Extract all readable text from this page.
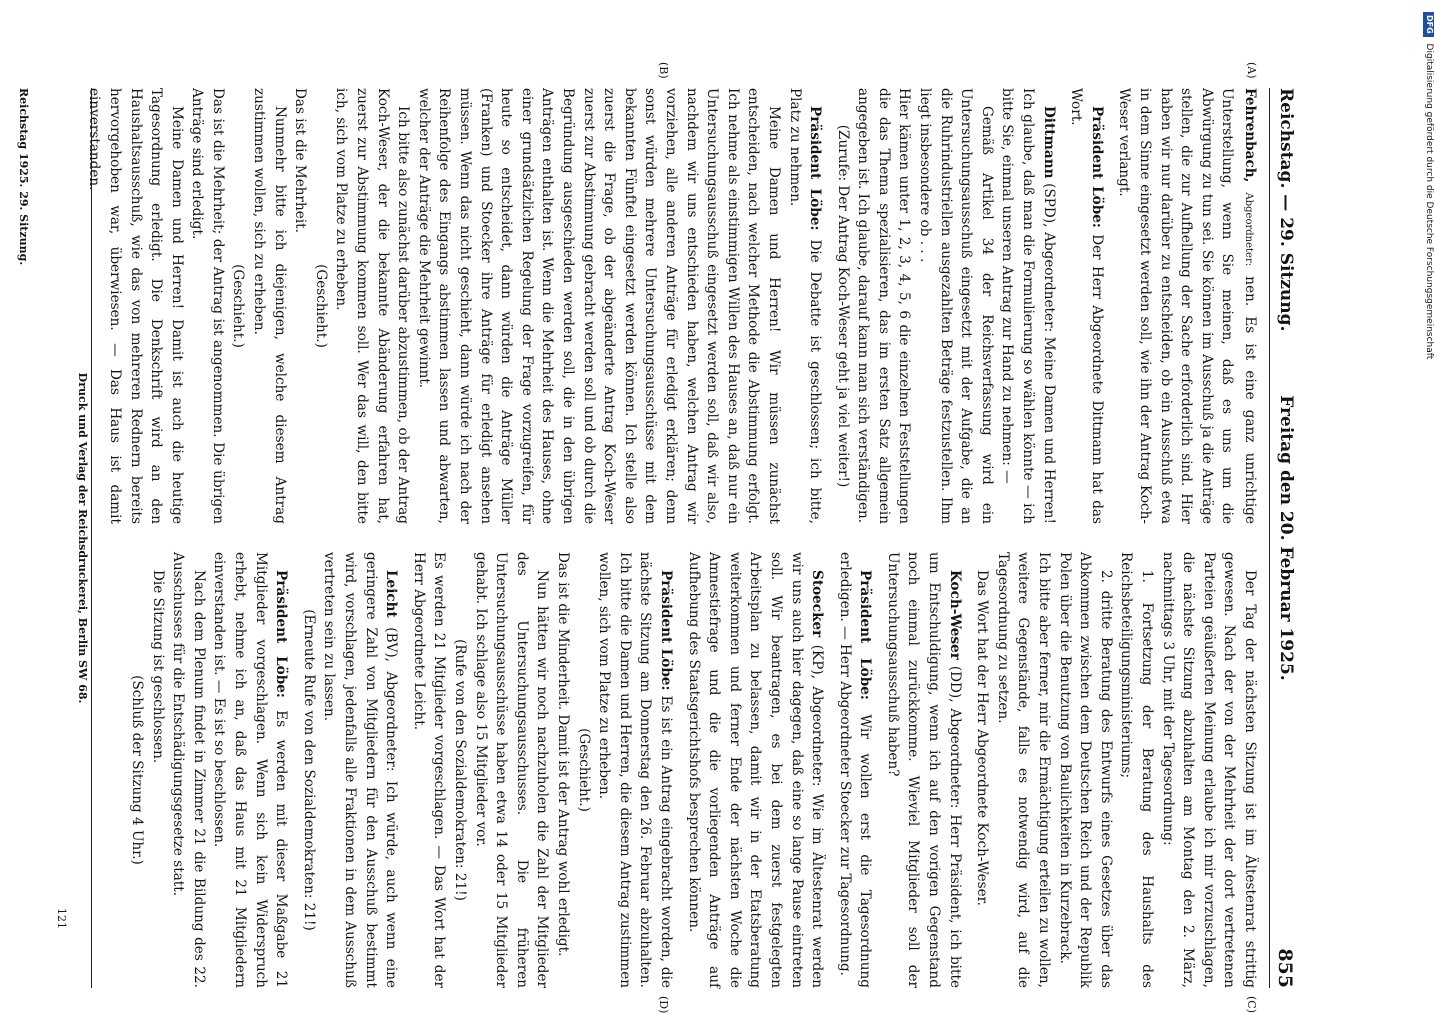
Reichstag. — 29. Sitzung.
Freitag den 20. Februar 1925.
855
(A)
(B)
(C)
(D)

Fehrenbach, Abgeordneter: nen. Es ist eine ganz unrichtige Unterstellung, wenn Sie meinen, daß es uns um die Abwürgung zu tun sei. Sie können im Ausschuß ja die Anträge stellen, die zur Aufhellung der Sache erforderlich sind. Hier haben wir nur darüber zu entscheiden, ob ein Ausschuß etwa in dem Sinne eingesetzt werden soll, wie ihn der Antrag Koch-Weser verlangt.

Präsident Löbe: Der Herr Abgeordnete Dittmann hat das Wort.

Dittmann (SPD), Abgeordneter: Meine Damen und Herren! Ich glaube, daß man die Formulierung so wählen könnte — ich bitte Sie, einmal unseren Antrag zur Hand zu nehmen: —

Gemäß Artikel 34 der Reichsverfassung wird ein Untersuchungsausschuß eingesetzt mit der Aufgabe, die an die Ruhrindustriellen ausgezahlten Beträge festzustellen. Ihm liegt insbesondere ob . . .

Hier kämen unter 1, 2, 3, 4, 5, 6 die einzelnen Feststellungen die das Thema spezialisieren, das im ersten Satz allgemein angegeben ist. Ich glaube, darauf kann man sich verständigen.

(Zurufe: Der Antrag Koch-Weser geht ja viel weiter!)

Präsident Löbe: Die Debatte ist geschlossen; ich bitte, Platz zu nehmen.

Meine Damen und Herren! Wir müssen zunächst entscheiden, nach welcher Methode die Abstimmung erfolgt. Ich nehme als einstimmigen Willen des Hauses an, daß nur ein Untersuchungsausschuß eingesetzt werden soll, daß wir also, nachdem wir uns entschieden haben, welchen Antrag wir vorziehen, alle anderen Anträge für erledigt erklären; denn sonst würden mehrere Untersuchungsausschüsse mit dem bekannten Fünftel eingesetzt werden können. Ich stelle also zuerst die Frage, ob der abgeänderte Antrag Koch-Weser zuerst zur Abstimmung gebracht werden soll und ob durch die Begründung ausgeschieden werden soll, die in den übrigen Anträgen enthalten ist. Wenn die Mehrheit des Hauses, ohne einer grundsätzlichen Regelung der Frage vorzugreifen, für heute so entscheidet, dann würden die Anträge Müller (Franken) und Stoecker ihre Anträge für erledigt ansehen müssen. Wenn das nicht geschieht, dann würde ich nach der Reihenfolge des Eingangs abstimmen lassen und abwarten, welcher der Anträge die Mehrheit gewinnt.

Ich bitte also zunächst darüber abzustimmen, ob der Antrag Koch-Weser, der die bekannte Abänderung erfahren hat, zuerst zur Abstimmung kommen soll. Wer das will, den bitte ich, sich vom Platze zu erheben.

(Geschieht.)

Das ist die Mehrheit.

Nunmehr bitte ich diejenigen, welche diesem Antrag zustimmen wollen, sich zu erheben.

(Geschieht.)

Das ist die Mehrheit; der Antrag ist angenommen. Die übrigen Anträge sind erledigt.

Meine Damen und Herren! Damit ist auch die heutige Tagesordnung erledigt. Die Denkschrift wird an den Haushaltsausschuß, wie das von mehreren Rednern bereits hervorgehoben war, überwiesen. — Das Haus ist damit einverstanden.

Der Tag der nächsten Sitzung ist im Ältestenrat strittig gewesen. Nach der von der Mehrheit der dort vertretenen Parteien geäußerten Meinung erlaube ich mir vorzuschlagen, die nächste Sitzung abzuhalten am Montag den 2. März, nachmittags 3 Uhr, mit der Tagesordnung:

1. Fortsetzung der Beratung des Haushalts des Reichsbeteiligungsministeriums;

2. dritte Beratung des Entwurfs eines Gesetzes über das Abkommen zwischen dem Deutschen Reich und der Republik Polen über die Benutzung von Baulichkeiten in Kurzebrack.

Ich bitte aber ferner, mir die Ermächtigung erteilen zu wollen, weitere Gegenstände, falls es notwendig wird, auf die Tagesordnung zu setzen.

Das Wort hat der Herr Abgeordnete Koch-Weser.

Koch-Weser (DD), Abgeordneter: Herr Präsident, ich bitte um Entschuldigung, wenn ich auf den vorigen Gegenstand noch einmal zurückkomme. Wieviel Mitglieder soll der Untersuchungsausschuß haben?

Präsident Löbe: Wir wollen erst die Tagesordnung erledigen. — Herr Abgeordneter Stoecker zur Tagesordnung.

Stoecker (KP), Abgeordneter: Wie im Ältestenrat werden wir uns auch hier dagegen, daß eine so lange Pause eintreten soll. Wir beantragen, es bei dem zuerst festgelegten Arbeitsplan zu belassen, damit wir in der Etatsberatung weiterkommen und ferner Ende der nächsten Woche die Amnestiefrage und die die vorliegenden Anträge auf Aufhebung des Staatsgerichtshofs besprechen können.

Präsident Löbe: Es ist ein Antrag eingebracht worden, die nächste Sitzung am Donnerstag den 26. Februar abzuhalten. Ich bitte die Damen und Herren, die diesem Antrag zustimmen wollen, sich vom Platze zu erheben.

(Geschieht.)

Das ist die Minderheit. Damit ist der Antrag wohl erledigt.

Nun hätten wir noch nachzuholen die Zahl der Mitglieder des Untersuchungsausschusses. Die früheren Untersuchungsausschüsse haben etwa 14 oder 15 Mitglieder gehabt. Ich schlage also 15 Mitglieder vor.

(Rufe von den Sozialdemokraten: 21!)

Es werden 21 Mitglieder vorgeschlagen. — Das Wort hat der Herr Abgeordnete Leicht.

Leicht (BV), Abgeordneter: Ich würde, auch wenn eine geringere Zahl von Mitgliedern für den Ausschuß bestimmt wird, vorschlagen, jedenfalls alle Fraktionen in dem Ausschuß vertreten sein zu lassen.

(Erneute Rufe von den Sozialdemokraten: 21!)

Präsident Löbe: Es werden mit dieser Maßgabe 21 Mitglieder vorgeschlagen. Wenn sich kein Widerspruch erhebt, nehme ich an, daß das Haus mit 21 Mitgliedern einverstanden ist. — Es ist so beschlossen.

Nach dem Plenum findet in Zimmer 21 die Bildung des 22. Ausschusses für die Entschädigungsgesetze statt.

Die Sitzung ist geschlossen.

(Schluß der Sitzung 4 Uhr.)

Druck und Verlag der Reichsdruckerei, Berlin SW 68.
121
Reichstag 1925. 29. Sitzung.
DFG Digitalisierung gefördert durch die Deutsche Forschungsgemeinschaft
